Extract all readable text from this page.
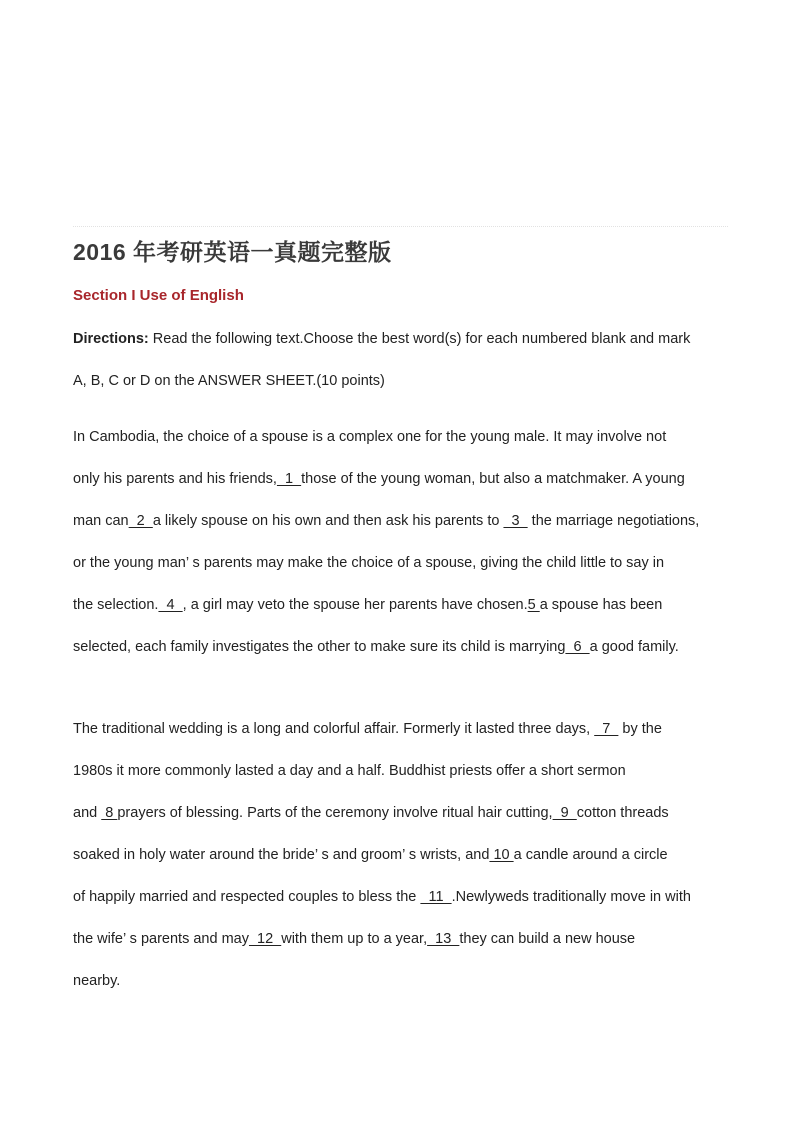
2016 年考研英语一真题完整版
Section I Use of English
Directions: Read the following text.Choose the best word(s) for each numbered blank and mark
A, B, C or D on the ANSWER SHEET.(10 points)
In Cambodia, the choice of a spouse is a complex one for the young male. It may involve not
only his parents and his friends,  1  those of the young woman, but also a matchmaker. A young
man can  2  a likely spouse on his own and then ask his parents to   3   the marriage negotiations,
or the young man’ s parents may make the choice of a spouse, giving the child little to say in
the selection.  4  , a girl may veto the spouse her parents have chosen.5 a spouse has been
selected, each family investigates the other to make sure its child is marrying  6  a good family.
The traditional wedding is a long and colorful affair. Formerly it lasted three days,   7   by the
1980s it more commonly lasted a day and a half. Buddhist priests offer a short sermon
and  8 prayers of blessing. Parts of the ceremony involve ritual hair cutting,  9  cotton threads
soaked in holy water around the bride’ s and groom’ s wrists, and 10 a candle around a circle
of happily married and respected couples to bless the   11  .Newlyweds traditionally move in with
the wife’ s parents and may  12  with them up to a year,  13  they can build a new house
nearby.
